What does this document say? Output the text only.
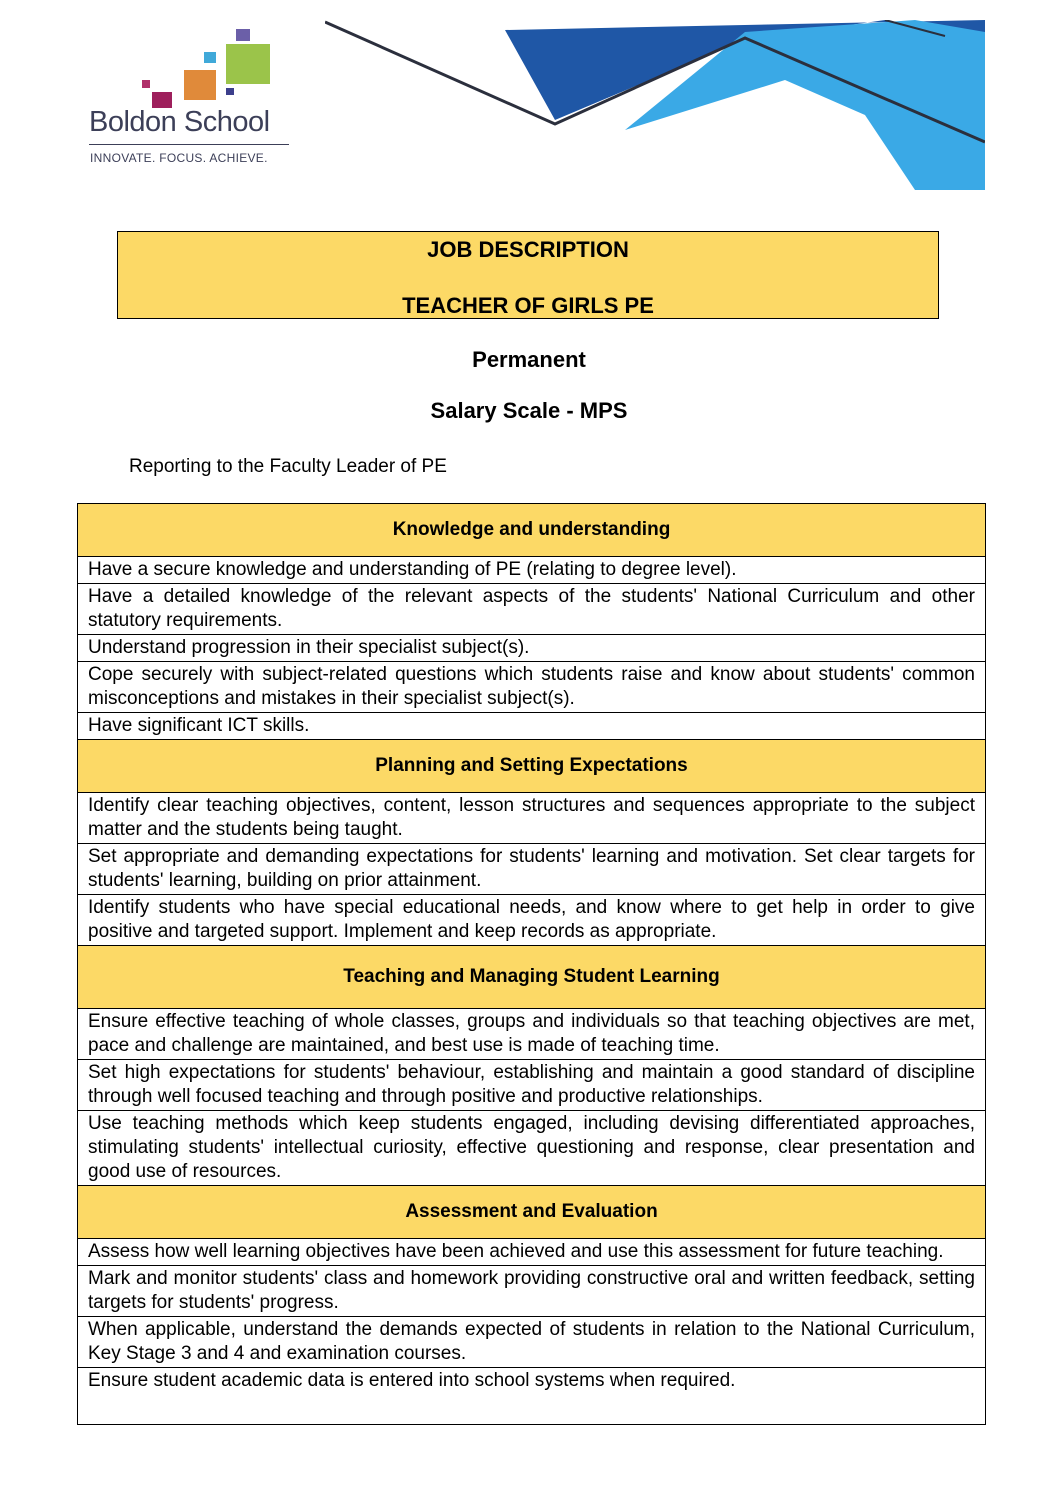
Boldon School
INNOVATE. FOCUS. ACHIEVE.
JOB DESCRIPTION
TEACHER OF GIRLS PE
Permanent
Salary Scale - MPS
Reporting to the Faculty Leader of PE
Knowledge and understanding
Have a secure knowledge and understanding of PE (relating to degree level).
Have a detailed knowledge of the relevant aspects of the students' National Curriculum and other statutory requirements.
Understand progression in their specialist subject(s).
Cope securely with subject-related questions which students raise and know about students' common misconceptions and mistakes in their specialist subject(s).
Have significant ICT skills.
Planning and Setting Expectations
Identify clear teaching objectives, content, lesson structures and sequences appropriate to the subject matter and the students being taught.
Set appropriate and demanding expectations for students' learning and motivation. Set clear targets for students' learning, building on prior attainment.
Identify students who have special educational needs, and know where to get help in order to give positive and targeted support. Implement and keep records as appropriate.
Teaching and Managing Student Learning
Ensure effective teaching of whole classes, groups and individuals so that teaching objectives are met, pace and challenge are maintained, and best use is made of teaching time.
Set high expectations for students' behaviour, establishing and maintain a good standard of discipline through well focused teaching and through positive and productive relationships.
Use teaching methods which keep students engaged, including devising differentiated approaches, stimulating students' intellectual curiosity, effective questioning and response, clear presentation and good use of resources.
Assessment and Evaluation
Assess how well learning objectives have been achieved and use this assessment for future teaching.
Mark and monitor students' class and homework providing constructive oral and written feedback, setting targets for students' progress.
When applicable, understand the demands expected of students in relation to the National Curriculum, Key Stage 3 and 4 and examination courses.
Ensure student academic data is entered into school systems when required.
